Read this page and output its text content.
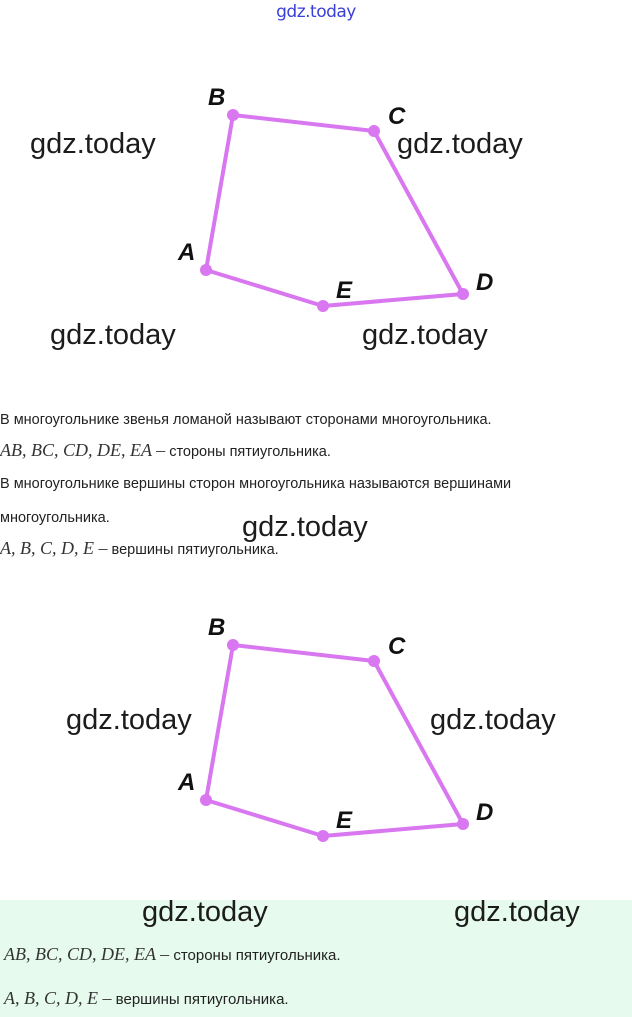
gdz.today
A
B
C
D
E
gdz.today	gdz.today
gdz.today	gdz.today
В многоугольнике звенья ломаной называют сторонами многоугольника.
AB, BC, CD, DE, EA – стороны пятиугольника.
В многоугольнике вершины сторон многоугольника называются вершинами
многоугольника.
A, B, C, D, E – вершины пятиугольника.
gdz.today
A
B
C
D
E
gdz.today	gdz.today
gdz.today	gdz.today
AB, BC, CD, DE, EA – стороны пятиугольника.
A, B, C, D, E – вершины пятиугольника.
